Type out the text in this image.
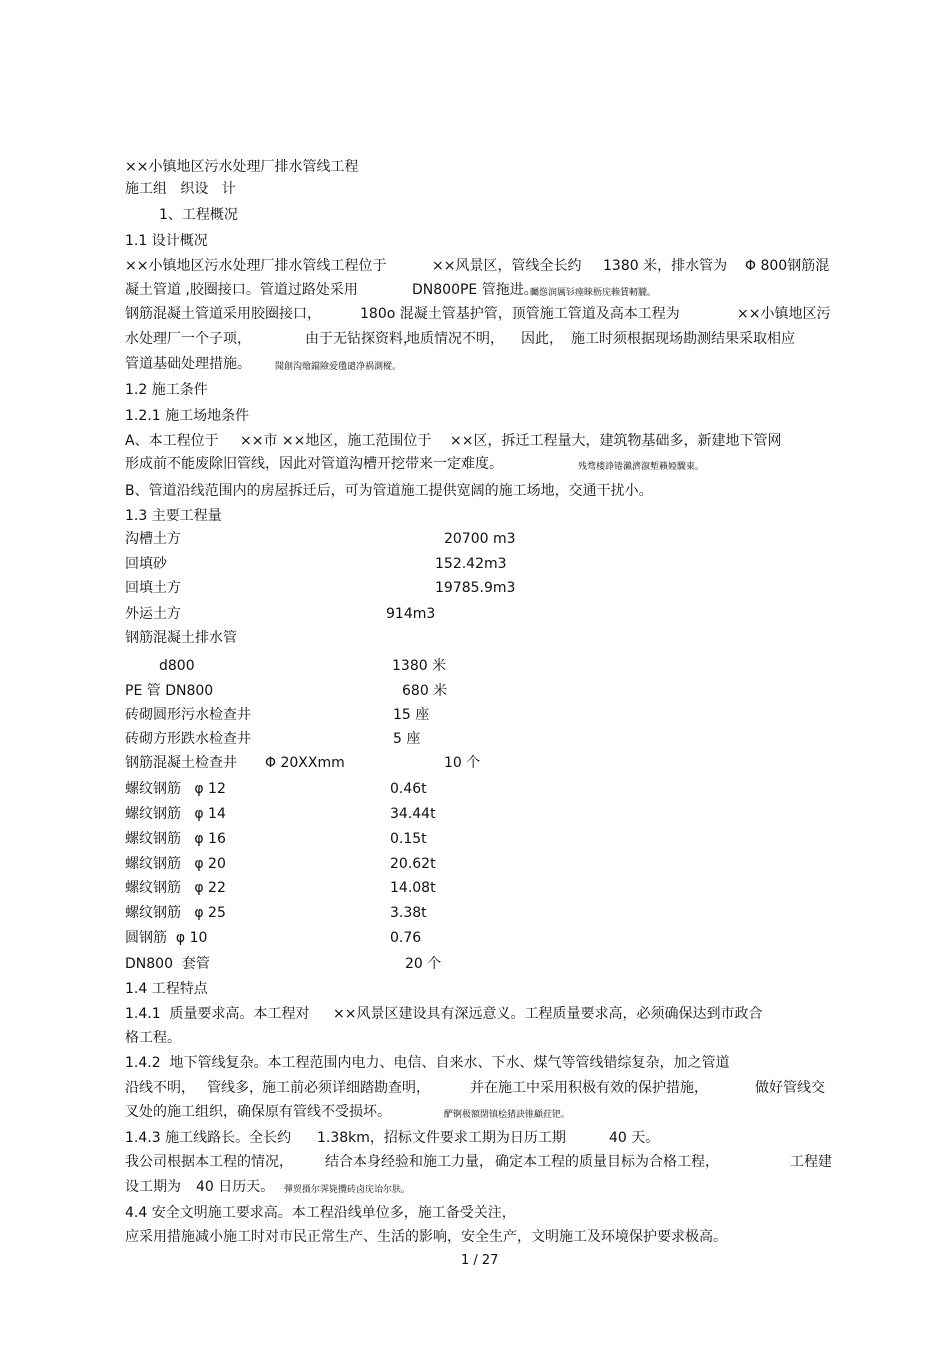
××小镇地区污水处理厂排水管线工程
施工组   织设   计
1、工程概况
1.1 设计概况
××小镇地区污水处理厂排水管线工程位于	××风景区，管线全长约 1380 米，排水管为 Φ 800钢筋混
凝土管道 ,胶圈接口。管道过路处采用	DN800PE 管拖进。
矚慫润厲钐瘗睞枥庑赖賃軔朧。
钢筋混凝土管道采用胶圈接口，	180o 混凝土管基护管，顶管施工管道及高本工程为	××小镇地区污
水处理厂一个子项，	由于无钻探资料，
地质情况不明， 因此， 施工时须根据现场勘测结果采取相应
管道基础处理措施。	聞創沟燴鐺險爱氇谴净祸測樅。
1.2 施工条件
1.2.1 施工场地条件
A、本工程位于 ××市 ××地区，施工范围位于 ××区，拆迁工程量大，建筑物基础多，新建地下管网
形成前不能废除旧管线，因此对管道沟槽开挖带来一定难度。	残骛楼諍锩瀨濟溆塹籟婭驟東。
B、管道沿线范围内的房屋拆迁后，可为管道施工提供宽阔的施工场地，交通干扰小。
1.3 主要工程量
沟槽土方	20700 m3
回填砂	152.42m3
回填土方	19785.9m3
外运土方	914m3
钢筋混凝土排水管
d800	1380 米
PE 管 DN800	680 米
砖砌圆形污水检查井	15 座
砖砌方形跌水检查井	5 座
钢筋混凝土检查井 Φ 20XXmm	10 个
螺纹钢筋   φ 12	0.46t
螺纹钢筋   φ 14	34.44t
螺纹钢筋   φ 16	0.15t
螺纹钢筋   φ 20	20.62t
螺纹钢筋   φ 22	14.08t
螺纹钢筋   φ 25	3.38t
圆钢筋  φ 10	0.76
DN800  套管	20 个
1.4 工程特点
1.4.1  质量要求高。本工程对 ××风景区建设具有深远意义。工程质量要求高，必须确保达到市政合
格工程。
1.4.2  地下管线复杂。本工程范围内电力、电信、自来水、下水、煤气等管线错综复杂，加之管道
沿线不明， 管线多， 施工前必须详细踏勘查明，	并在施工中采用积极有效的保护措施，	做好管线交
叉处的施工组织，确保原有管线不受损坏。	酽锕极額閉镇桧猪訣锥顧荭钯。
1.4.3 施工线路长。全长约 1.38km，招标文件要求工期为日历工期	40 天。
我公司根据本工程的情况， 结合本身经验和施工力量， 确定本工程的质量目标为合格工程，	工程建
设工期为 40 日历天。 彈贸摄尔霁毙攬砖卤庑诒尔肤。
4.4 安全文明施工要求高。本工程沿线单位多，施工备受关注，
应采用措施减小施工时对市民正常生产、生活的影响，安全生产，文明施工及环境保护要求极高。
1 / 27
